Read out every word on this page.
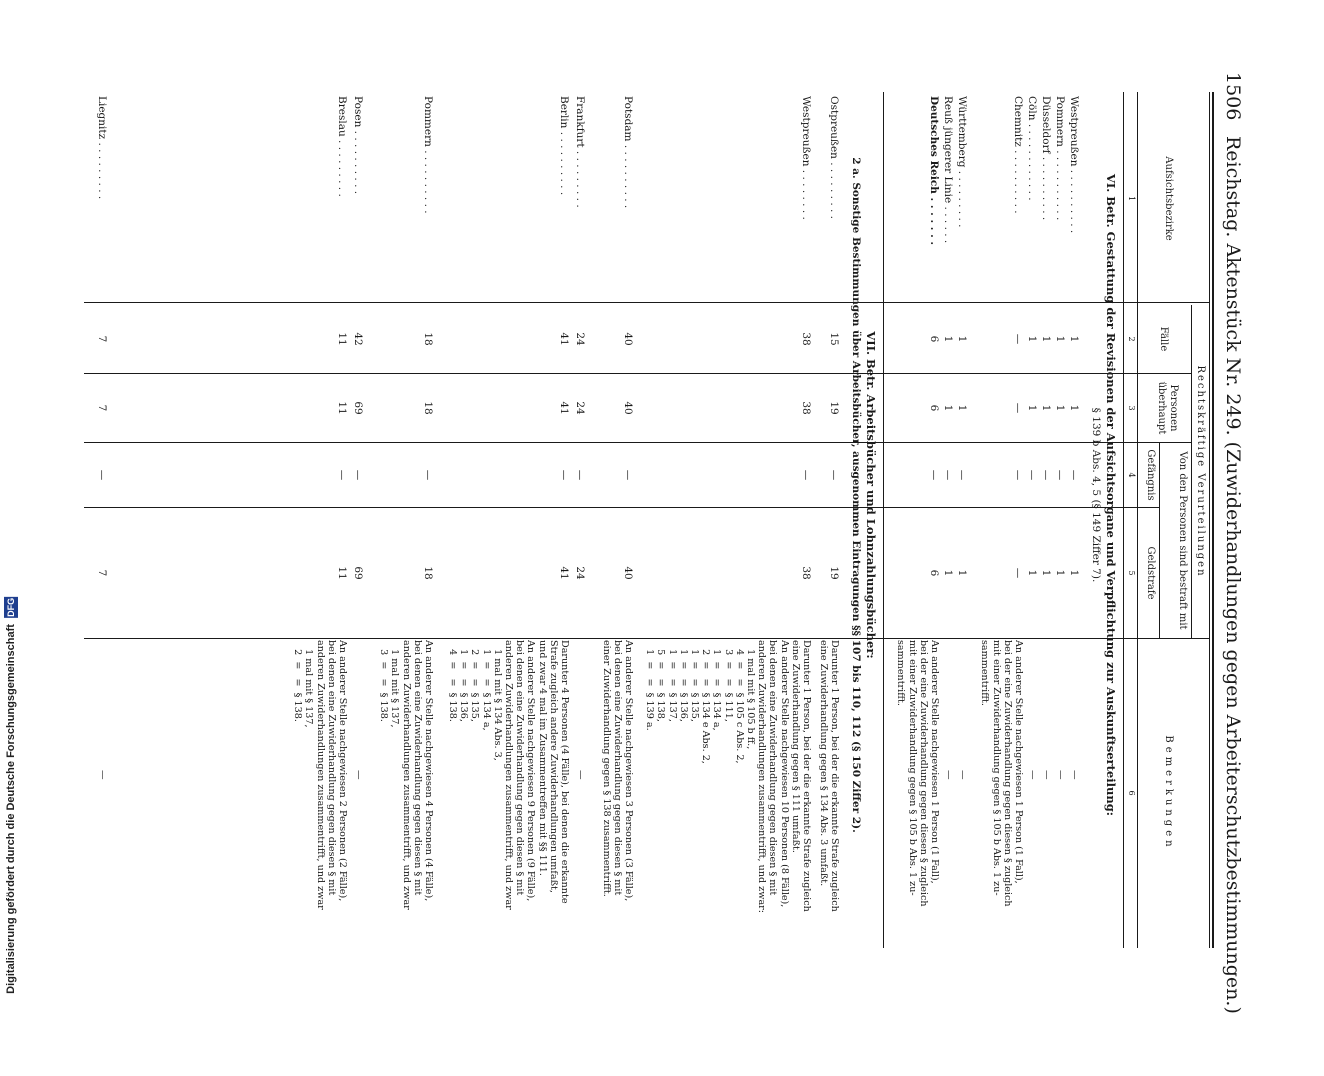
1506
Reichstag. Aktenstück Nr. 249. (Zuwiderhandlungen gegen Arbeiterschutzbestimmungen.)
Aufsichtsbezirke
Rechtskräftige Verurteilungen
Fälle
Personen überhaupt
Von den Personen sind bestraft mit
Gefängnis
Geldstrafe
Bemerkungen
1
2
3
4
5
6
VI. Betr. Gestattung der Revisionen der Aufsichtsorgane und Verpflichtung zur Auskunftserteilung:
§ 139 b Abs. 4, 5 (§ 149 Ziffer 7).
Westpreußen . . . . . . . . . .
1
1
—
1
—
Pommern . . . . . . . . . . .
1
1
—
1
—
Düsseldorf . . . . . . . . . .
1
1
—
1
—
Cöln . . . . . . . . . . . .
1
1
—
1
—
Chemnitz . . . . . . . . . .
—
—
—
—
An anderer Stelle nachgewiesen 1 Person (1 Fall),
bei der eine Zuwiderhandlung gegen diesen § zugleich
mit einer Zuwiderhandlung gegen § 105 b Abs. 1 zu-
sammentrifft.
Württemberg . . . . . . . . .
1
1
—
1
—
Reuß jüngerer Linie . . . . . .
1
1
—
1
—
Deutsches Reich . . . . . . .
6
6
—
6
An anderer Stelle nachgewiesen 1 Person (1 Fall),
bei der eine Zuwiderhandlung gegen diesen § zugleich
mit einer Zuwiderhandlung gegen § 105 b Abs. 1 zu-
sammentrifft.
VII. Betr. Arbeitsbücher und Lohnzahlungsbücher:
2 a. Sonstige Bestimmungen über Arbeitsbücher, ausgenommen Eintragungen §§ 107 bis 110, 112 (§ 150 Ziffer 2).
Ostpreußen . . . . . . . . .
15
19
—
19
Darunter 1 Person, bei der die erkannte Strafe zugleich
eine Zuwiderhandlung gegen § 134 Abs. 3 umfaßt.
Westpreußen . . . . . . . .
38
38
—
38
Darunter 1 Person, bei der die erkannte Strafe zugleich
eine Zuwiderhandlung gegen § 111 umfaßt.
An anderer Stelle nachgewiesen 10 Personen (8 Fälle),
bei denen eine Zuwiderhandlung gegen diesen § mit
anderen Zuwiderhandlungen zusammentrifft, und zwar:
1 mal mit § 105 b ff.,
4  =   =  § 105 c Abs. 2,
3  =   =  § 111,
1  =   =  § 134 a,
2  =   =  § 134 e Abs. 2,
1  =   =  § 135,
1  =   =  § 136,
1  =   =  § 137,
5  =   =  § 138,
1  =   =  § 139 a.
Potsdam . . . . . . . . . .
40
40
—
40
An anderer Stelle nachgewiesen 3 Personen (3 Fälle),
bei denen eine Zuwiderhandlung gegen diesen § mit
einer Zuwiderhandlung gegen § 138 zusammentrifft.
Frankfurt . . . . . . . . .
24
24
—
24
—
Berlin . . . . . . . . . .
41
41
—
41
Darunter 4 Personen (4 Fälle), bei denen die erkannte
Strafe zugleich andere Zuwiderhandlungen umfaßt,
und zwar 4 mal im Zusammentreffen mit §§ 111.
An anderer Stelle nachgewiesen 9 Personen (9 Fälle),
bei denen eine Zuwiderhandlung gegen diesen § mit
anderen Zuwiderhandlungen zusammentrifft, und zwar
1 mal mit § 134 Abs. 3,
1  =   =  § 134 a,
2  =   =  § 135,
1  =   =  § 136,
4  =   =  § 138.
Pommern . . . . . . . . . .
18
18
—
18
An anderer Stelle nachgewiesen 4 Personen (4 Fälle),
bei denen eine Zuwiderhandlung gegen diesen § mit
anderen Zuwiderhandlungen zusammentrifft, und zwar
1 mal mit § 137,
3  =   =  § 138.
Posen . . . . . . . . . .
42
69
—
69
—
Breslau . . . . . . . . .
11
11
—
11
An anderer Stelle nachgewiesen 2 Personen (2 Fälle),
bei denen eine Zuwiderhandlung gegen diesen § mit
anderen Zuwiderhandlungen zusammentrifft, und zwar
1 mal mit § 137,
2  =   =  § 138.
Liegnitz . . . . . . . . .
7
7
—
7
—
Digitalisierung gefördert durch die Deutsche Forschungsgemeinschaft DFG
